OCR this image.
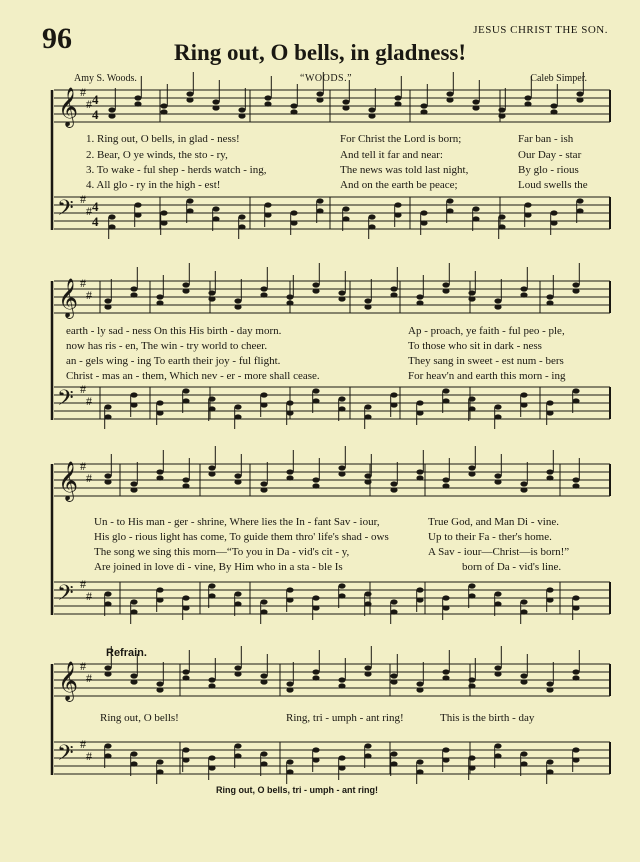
96	JESUS CHRIST THE SON.
Ring out, O bells, in gladness!
Amy S. Woods.	“WOODS.”	Caleb Simper.
#
#
#
#
𝄞
𝄢
4
4
4
4
#
#
#
#
𝄞
𝄢
#
#
#
#
𝄞
𝄢
#
#
#
#
𝄞
𝄢
Refrain.
1. Ring out, O bells, in glad - ness!	For Christ the Lord is born;	Far ban - ish
2. Bear, O ye winds, the sto - ry,	And tell it far and near:	Our Day - star
3. To wake - ful shep - herds watch - ing,	The news was told last night,	By glo - rious
4. All glo - ry in the high - est!	And on the earth be peace;	Loud swells the
earth - ly sad - ness On this His birth - day morn.	Ap - proach, ye faith - ful peo - ple,
now has ris - en, The win - try world to cheer.	To those who sit in dark - ness
an - gels wing - ing To earth their joy - ful flight.	They sang in sweet - est num - bers
Christ - mas an - them, Which nev - er - more shall cease.	For heav'n and earth this morn - ing
Un - to His man - ger - shrine, Where lies the In - fant Sav - iour,	True God, and Man Di - vine.
His glo - rious light has come, To guide them thro' life's shad - ows	Up to their Fa - ther's home.
The song we sing this morn—“To you in Da - vid's cit - y,	A Sav - iour—Christ—is born!”
Are joined in love di - vine, By Him who in a sta - ble Is	born of Da - vid's line.
Ring out, O bells!	Ring, tri - umph - ant ring!	This is the birth - day
Ring out, O bells, tri - umph - ant ring!
